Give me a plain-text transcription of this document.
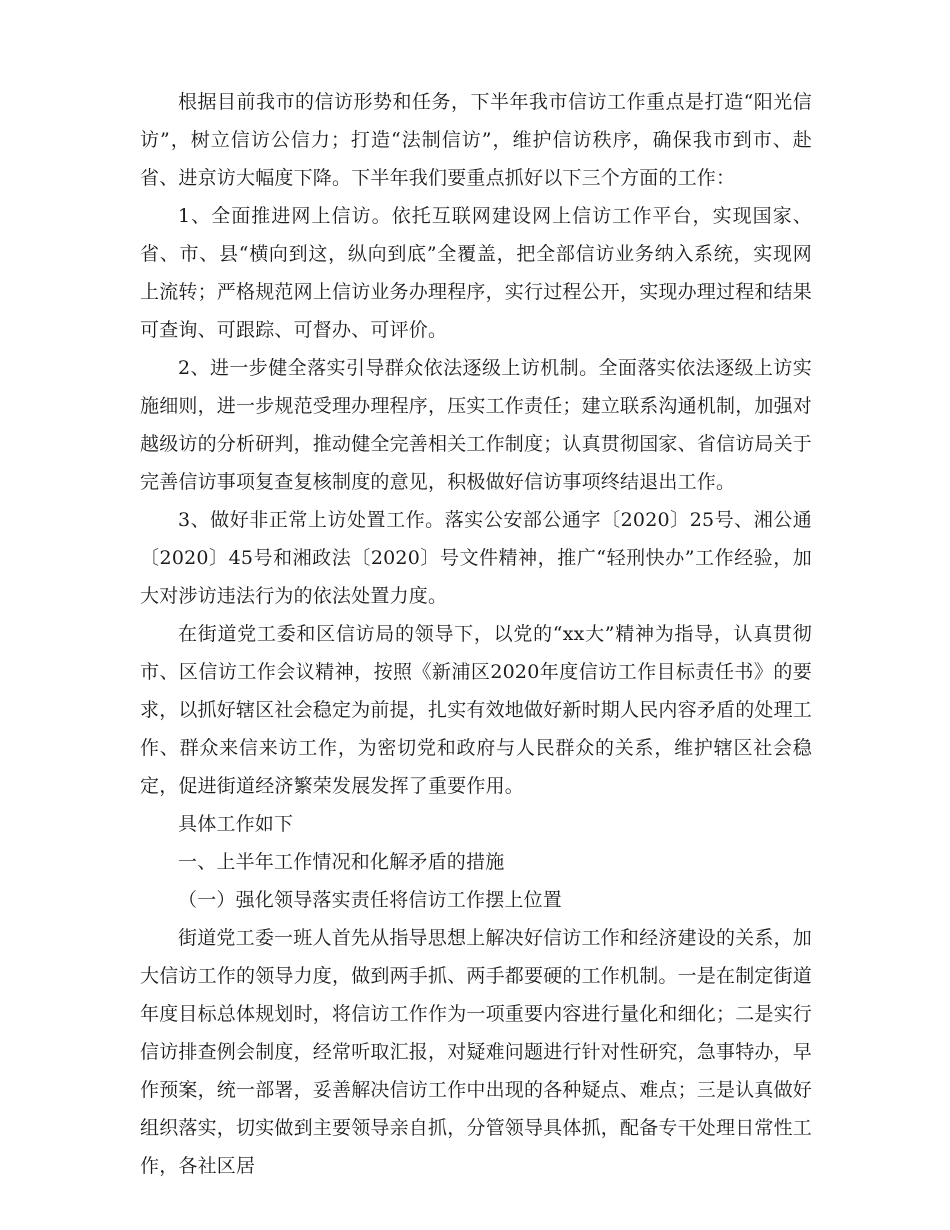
根据目前我市的信访形势和任务，下半年我市信访工作重点是打造“阳光信访”，树立信访公信力；打造“法制信访”，维护信访秩序，确保我市到市、赴省、进京访大幅度下降。下半年我们要重点抓好以下三个方面的工作：

1、全面推进网上信访。依托互联网建设网上信访工作平台，实现国家、省、市、县“横向到这，纵向到底”全覆盖，把全部信访业务纳入系统，实现网上流转；严格规范网上信访业务办理程序，实行过程公开，实现办理过程和结果可查询、可跟踪、可督办、可评价。

2、进一步健全落实引导群众依法逐级上访机制。全面落实依法逐级上访实施细则，进一步规范受理办理程序，压实工作责任；建立联系沟通机制，加强对越级访的分析研判，推动健全完善相关工作制度；认真贯彻国家、省信访局关于完善信访事项复查复核制度的意见，积极做好信访事项终结退出工作。

3、做好非正常上访处置工作。落实公安部公通字〔2020〕25号、湘公通〔2020〕45号和湘政法〔2020〕号文件精神，推广“轻刑快办”工作经验，加大对涉访违法行为的依法处置力度。

在街道党工委和区信访局的领导下，以党的“xx大”精神为指导，认真贯彻市、区信访工作会议精神，按照《新浦区2020年度信访工作目标责任书》的要求，以抓好辖区社会稳定为前提，扎实有效地做好新时期人民内容矛盾的处理工作、群众来信来访工作，为密切党和政府与人民群众的关系，维护辖区社会稳定，促进街道经济繁荣发展发挥了重要作用。

具体工作如下

一、上半年工作情况和化解矛盾的措施

（一）强化领导落实责任将信访工作摆上位置

街道党工委一班人首先从指导思想上解决好信访工作和经济建设的关系，加大信访工作的领导力度，做到两手抓、两手都要硬的工作机制。一是在制定街道年度目标总体规划时，将信访工作作为一项重要内容进行量化和细化；二是实行信访排查例会制度，经常听取汇报，对疑难问题进行针对性研究，急事特办，早作预案，统一部署，妥善解决信访工作中出现的各种疑点、难点；三是认真做好组织落实，切实做到主要领导亲自抓，分管领导具体抓，配备专干处理日常性工作，各社区居
